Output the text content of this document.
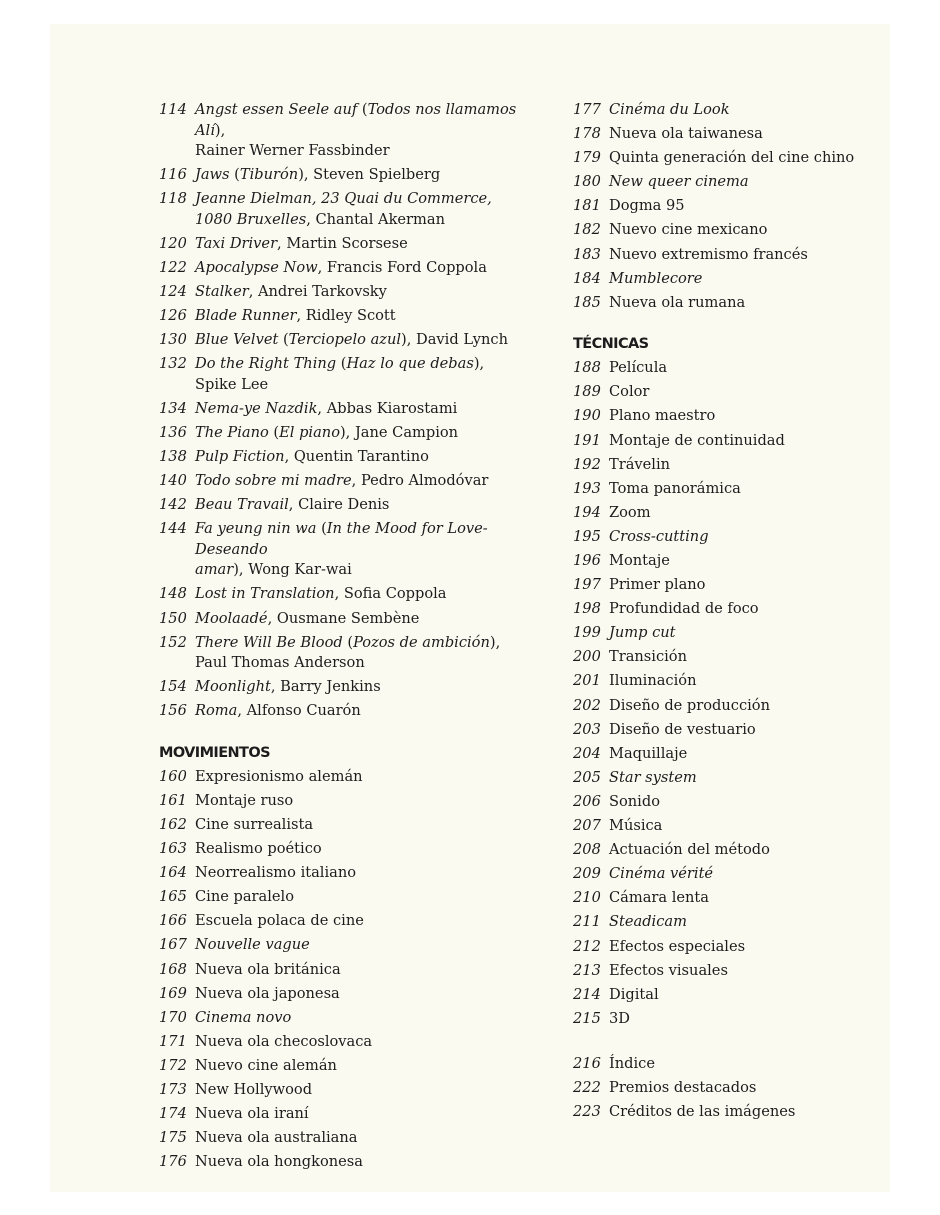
114 Angst essen Seele auf (Todos nos llamamos Alí),
Rainer Werner Fassbinder
116 Jaws (Tiburón), Steven Spielberg
118 Jeanne Dielman, 23 Quai du Commerce,
1080 Bruxelles, Chantal Akerman
120 Taxi Driver, Martin Scorsese
122 Apocalypse Now, Francis Ford Coppola
124 Stalker, Andrei Tarkovsky
126 Blade Runner, Ridley Scott
130 Blue Velvet (Terciopelo azul), David Lynch
132 Do the Right Thing (Haz lo que debas),
Spike Lee
134 Nema-ye Nazdik, Abbas Kiarostami
136 The Piano (El piano), Jane Campion
138 Pulp Fiction, Quentin Tarantino
140 Todo sobre mi madre, Pedro Almodóvar
142 Beau Travail, Claire Denis
144 Fa yeung nin wa (In the Mood for Love-Deseando
amar), Wong Kar-wai
148 Lost in Translation, Sofia Coppola
150 Moolaadé, Ousmane Sembène
152 There Will Be Blood (Pozos de ambición),
Paul Thomas Anderson
154 Moonlight, Barry Jenkins
156 Roma, Alfonso Cuarón
MOVIMIENTOS
160 Expresionismo alemán
161 Montaje ruso
162 Cine surrealista
163 Realismo poético
164 Neorrealismo italiano
165 Cine paralelo
166 Escuela polaca de cine
167 Nouvelle vague
168 Nueva ola británica
169 Nueva ola japonesa
170 Cinema novo
171 Nueva ola checoslovaca
172 Nuevo cine alemán
173 New Hollywood
174 Nueva ola iraní
175 Nueva ola australiana
176 Nueva ola hongkonesa
177 Cinéma du Look
178 Nueva ola taiwanesa
179 Quinta generación del cine chino
180 New queer cinema
181 Dogma 95
182 Nuevo cine mexicano
183 Nuevo extremismo francés
184 Mumblecore
185 Nueva ola rumana
TÉCNICAS
188 Película
189 Color
190 Plano maestro
191 Montaje de continuidad
192 Trávelin
193 Toma panorámica
194 Zoom
195 Cross-cutting
196 Montaje
197 Primer plano
198 Profundidad de foco
199 Jump cut
200 Transición
201 Iluminación
202 Diseño de producción
203 Diseño de vestuario
204 Maquillaje
205 Star system
206 Sonido
207 Música
208 Actuación del método
209 Cinéma vérité
210 Cámara lenta
211 Steadicam
212 Efectos especiales
213 Efectos visuales
214 Digital
215 3D
216 Índice
222 Premios destacados
223 Créditos de las imágenes
